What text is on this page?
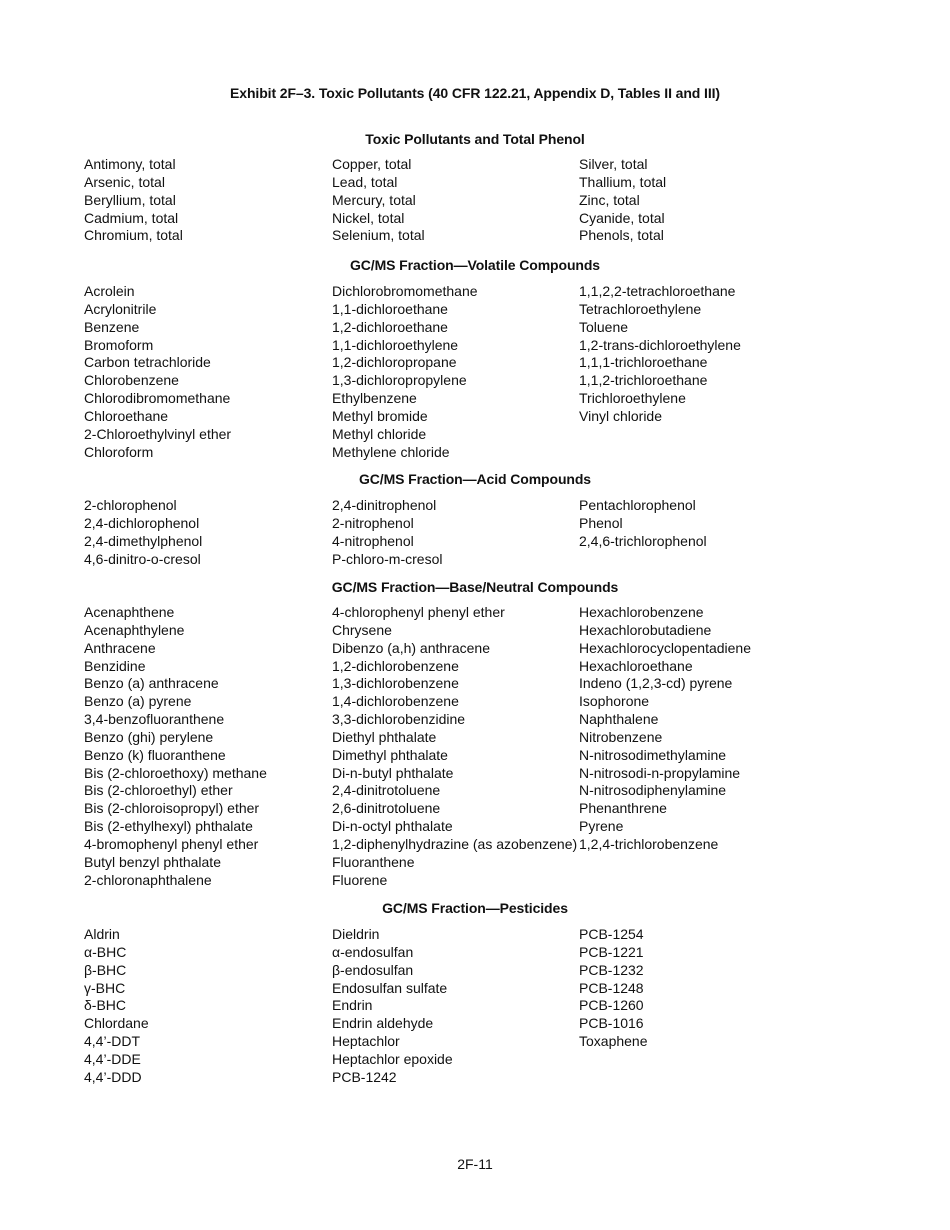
Exhibit 2F–3. Toxic Pollutants (40 CFR 122.21, Appendix D, Tables II and III)
Toxic Pollutants and Total Phenol
Antimony, total
Arsenic, total
Beryllium, total
Cadmium, total
Chromium, total
Copper, total
Lead, total
Mercury, total
Nickel, total
Selenium, total
Silver, total
Thallium, total
Zinc, total
Cyanide, total
Phenols, total
GC/MS Fraction—Volatile Compounds
Acrolein
Acrylonitrile
Benzene
Bromoform
Carbon tetrachloride
Chlorobenzene
Chlorodibromomethane
Chloroethane
2-Chloroethylvinyl ether
Chloroform
Dichlorobromomethane
1,1-dichloroethane
1,2-dichloroethane
1,1-dichloroethylene
1,2-dichloropropane
1,3-dichloropropylene
Ethylbenzene
Methyl bromide
Methyl chloride
Methylene chloride
1,1,2,2-tetrachloroethane
Tetrachloroethylene
Toluene
1,2-trans-dichloroethylene
1,1,1-trichloroethane
1,1,2-trichloroethane
Trichloroethylene
Vinyl chloride
GC/MS Fraction—Acid Compounds
2-chlorophenol
2,4-dichlorophenol
2,4-dimethylphenol
4,6-dinitro-o-cresol
2,4-dinitrophenol
2-nitrophenol
4-nitrophenol
P-chloro-m-cresol
Pentachlorophenol
Phenol
2,4,6-trichlorophenol
GC/MS Fraction—Base/Neutral Compounds
Acenaphthene
Acenaphthylene
Anthracene
Benzidine
Benzo (a) anthracene
Benzo (a) pyrene
3,4-benzofluoranthene
Benzo (ghi) perylene
Benzo (k) fluoranthene
Bis (2-chloroethoxy) methane
Bis (2-chloroethyl) ether
Bis (2-chloroisopropyl) ether
Bis (2-ethylhexyl) phthalate
4-bromophenyl phenyl ether
Butyl benzyl phthalate
2-chloronaphthalene
4-chlorophenyl phenyl ether
Chrysene
Dibenzo (a,h) anthracene
1,2-dichlorobenzene
1,3-dichlorobenzene
1,4-dichlorobenzene
3,3-dichlorobenzidine
Diethyl phthalate
Dimethyl phthalate
Di-n-butyl phthalate
2,4-dinitrotoluene
2,6-dinitrotoluene
Di-n-octyl phthalate
1,2-diphenylhydrazine (as azobenzene)
Fluoranthene
Fluorene
Hexachlorobenzene
Hexachlorobutadiene
Hexachlorocyclopentadiene
Hexachloroethane
Indeno (1,2,3-cd) pyrene
Isophorone
Naphthalene
Nitrobenzene
N-nitrosodimethylamine
N-nitrosodi-n-propylamine
N-nitrosodiphenylamine
Phenanthrene
Pyrene
1,2,4-trichlorobenzene
GC/MS Fraction—Pesticides
Aldrin
α-BHC
β-BHC
γ-BHC
δ-BHC
Chlordane
4,4’-DDT
4,4’-DDE
4,4’-DDD
Dieldrin
α-endosulfan
β-endosulfan
Endosulfan sulfate
Endrin
Endrin aldehyde
Heptachlor
Heptachlor epoxide
PCB-1242
PCB-1254
PCB-1221
PCB-1232
PCB-1248
PCB-1260
PCB-1016
Toxaphene
2F-11
